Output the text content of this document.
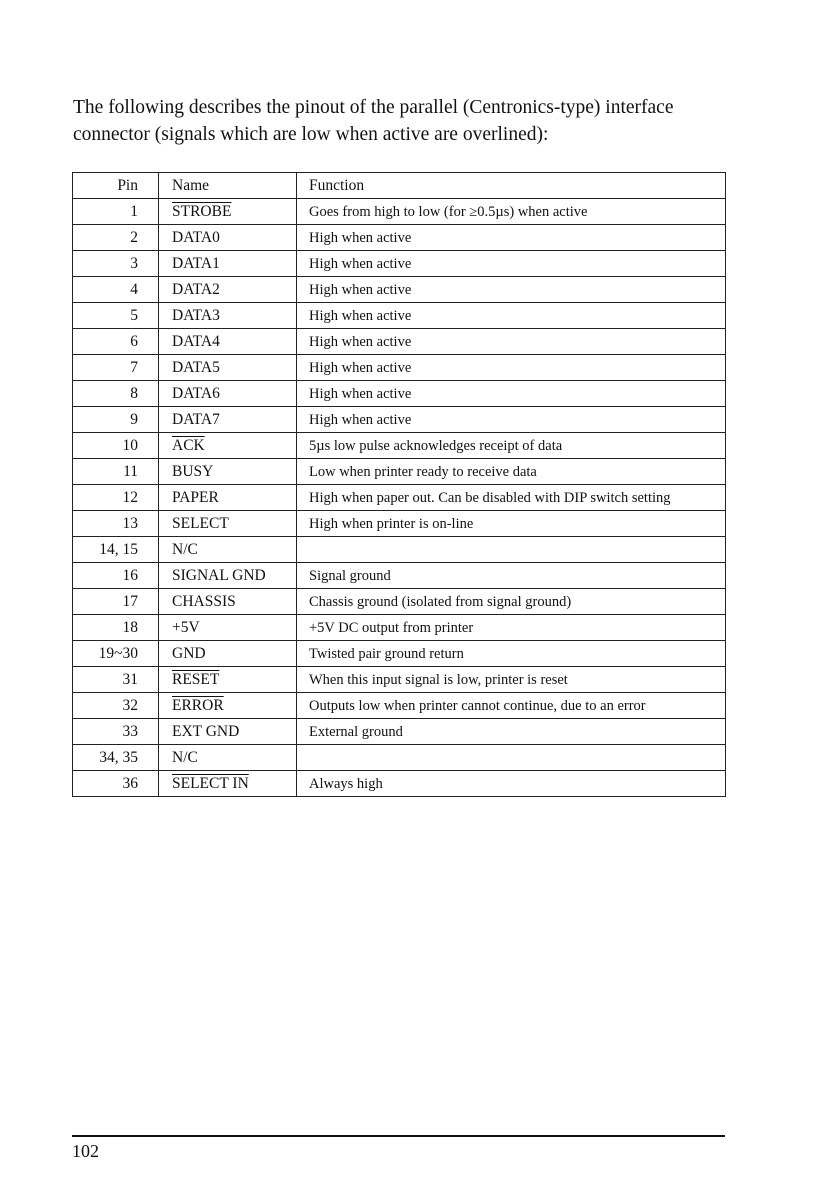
The following describes the pinout of the parallel (Centronics-type) interface connector (signals which are low when active are overlined):

Pin	Name	Function
1	STROBE	Goes from high to low (for ≥0.5µs) when active
2	DATA0	High when active
3	DATA1	High when active
4	DATA2	High when active
5	DATA3	High when active
6	DATA4	High when active
7	DATA5	High when active
8	DATA6	High when active
9	DATA7	High when active
10	$\overline{ACK}$	5µs low pulse acknowledges receipt of data
11	BUSY	Low when printer ready to receive data
12	PAPER	High when paper out. Can be disabled with DIP switch setting
13	SELECT	High when printer is on-line
14, 15	N/C	
16	SIGNAL GND	Signal ground
17	CHASSIS	Chassis ground (isolated from signal ground)
18	+5V	+5V DC output from printer
19~30	GND	Twisted pair ground return
31	RESET	When this input signal is low, printer is reset
32	ERROR	Outputs low when printer cannot continue, due to an error
33	EXT GND	External ground
34, 35	N/C	
36	SELECT IN	Always high
102
